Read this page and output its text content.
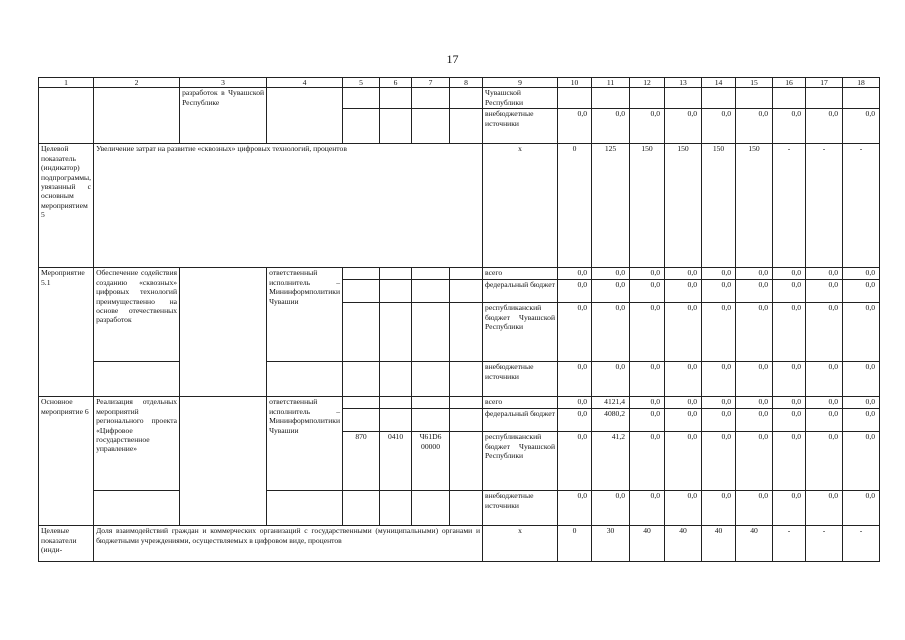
17
1	2	3	4	5	6	7	8	9	10	11	12	13	14	15	16	17	18
		разработок в Чувашской Республике						Чувашской Республики									
								внебюджетные источники	0,0	0,0	0,0	0,0	0,0	0,0	0,0	0,0	0,0
Целевой показатель (индикатор) подпрограммы, увязанный с основным мероприятием 5	Увеличение затрат на развитие «сквозных» цифровых технологий, процентов							x	0	125	150	150	150	150	-	-	-
Мероприятие 5.1	Обеспечение содействия созданию «сквозных» цифровых технологий преимущественно на основе отечественных разработок		ответственный исполнитель – Мининформполитики Чувашии					всего	0,0	0,0	0,0	0,0	0,0	0,0	0,0	0,0	0,0
								федеральный бюджет	0,0	0,0	0,0	0,0	0,0	0,0	0,0	0,0	0,0
								республиканский бюджет Чувашской Республики	0,0	0,0	0,0	0,0	0,0	0,0	0,0	0,0	0,0
								внебюджетные источники	0,0	0,0	0,0	0,0	0,0	0,0	0,0	0,0	0,0
Основное мероприятие 6	Реализация отдельных мероприятий регионального проекта «Цифровое государственное управление»		ответственный исполнитель – Мининформполитики Чувашии					всего	0,0	4121,4	0,0	0,0	0,0	0,0	0,0	0,0	0,0
								федеральный бюджет	0,0	4080,2	0,0	0,0	0,0	0,0	0,0	0,0	0,0
				870	0410	Ч61D6 00000		республиканский бюджет Чувашской Республики	0,0	41,2	0,0	0,0	0,0	0,0	0,0	0,0	0,0
								внебюджетные источники	0,0	0,0	0,0	0,0	0,0	0,0	0,0	0,0	0,0
Целевые показатели (инди-	Доля взаимодействий граждан и коммерческих организаций с государственными (муниципальными) органами и бюджетными учреждениями, осуществляемых в цифровом виде, процентов							x	0	30	40	40	40	40	-	-	-
